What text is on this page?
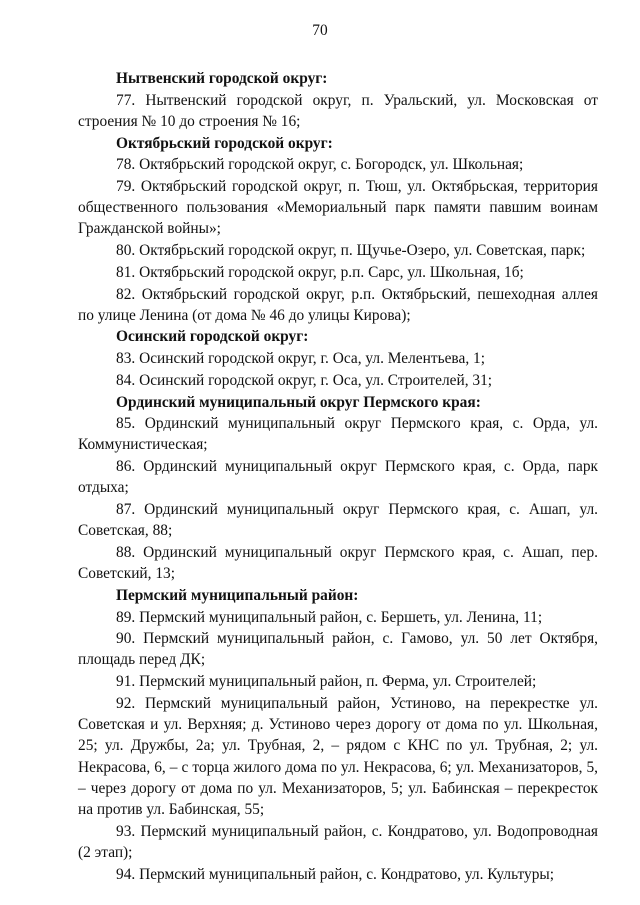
70
Нытвенский городской округ:
77. Нытвенский городской округ, п. Уральский, ул. Московская от строения № 10 до строения № 16;
Октябрьский городской округ:
78. Октябрьский городской округ, с. Богородск, ул. Школьная;
79. Октябрьский городской округ, п. Тюш, ул. Октябрьская, территория общественного пользования «Мемориальный парк памяти павшим воинам Гражданской войны»;
80. Октябрьский городской округ, п. Щучье-Озеро, ул. Советская, парк;
81. Октябрьский городской округ, р.п. Сарс, ул. Школьная, 1б;
82. Октябрьский городской округ, р.п. Октябрьский, пешеходная аллея по улице Ленина (от дома № 46 до улицы Кирова);
Осинский городской округ:
83. Осинский городской округ, г. Оса, ул. Мелентьева, 1;
84. Осинский городской округ, г. Оса, ул. Строителей, 31;
Ординский муниципальный округ Пермского края:
85. Ординский муниципальный округ Пермского края, с. Орда, ул. Коммунистическая;
86. Ординский муниципальный округ Пермского края, с. Орда, парк отдыха;
87. Ординский муниципальный округ Пермского края, с. Ашап, ул. Советская, 88;
88. Ординский муниципальный округ Пермского края, с. Ашап, пер. Советский, 13;
Пермский муниципальный район:
89. Пермский муниципальный район, с. Бершеть, ул. Ленина, 11;
90. Пермский муниципальный район, с. Гамово, ул. 50 лет Октября, площадь перед ДК;
91. Пермский муниципальный район, п. Ферма, ул. Строителей;
92. Пермский муниципальный район, Устиново, на перекрестке ул. Советская и ул. Верхняя; д. Устиново через дорогу от дома по ул. Школьная, 25; ул. Дружбы, 2а; ул. Трубная, 2, – рядом с КНС по ул. Трубная, 2; ул. Некрасова, 6, – с торца жилого дома по ул. Некрасова, 6; ул. Механизаторов, 5, – через дорогу от дома по ул. Механизаторов, 5; ул. Бабинская – перекресток на против ул. Бабинская, 55;
93. Пермский муниципальный район, с. Кондратово, ул. Водопроводная (2 этап);
94. Пермский муниципальный район, с. Кондратово, ул. Культуры;
